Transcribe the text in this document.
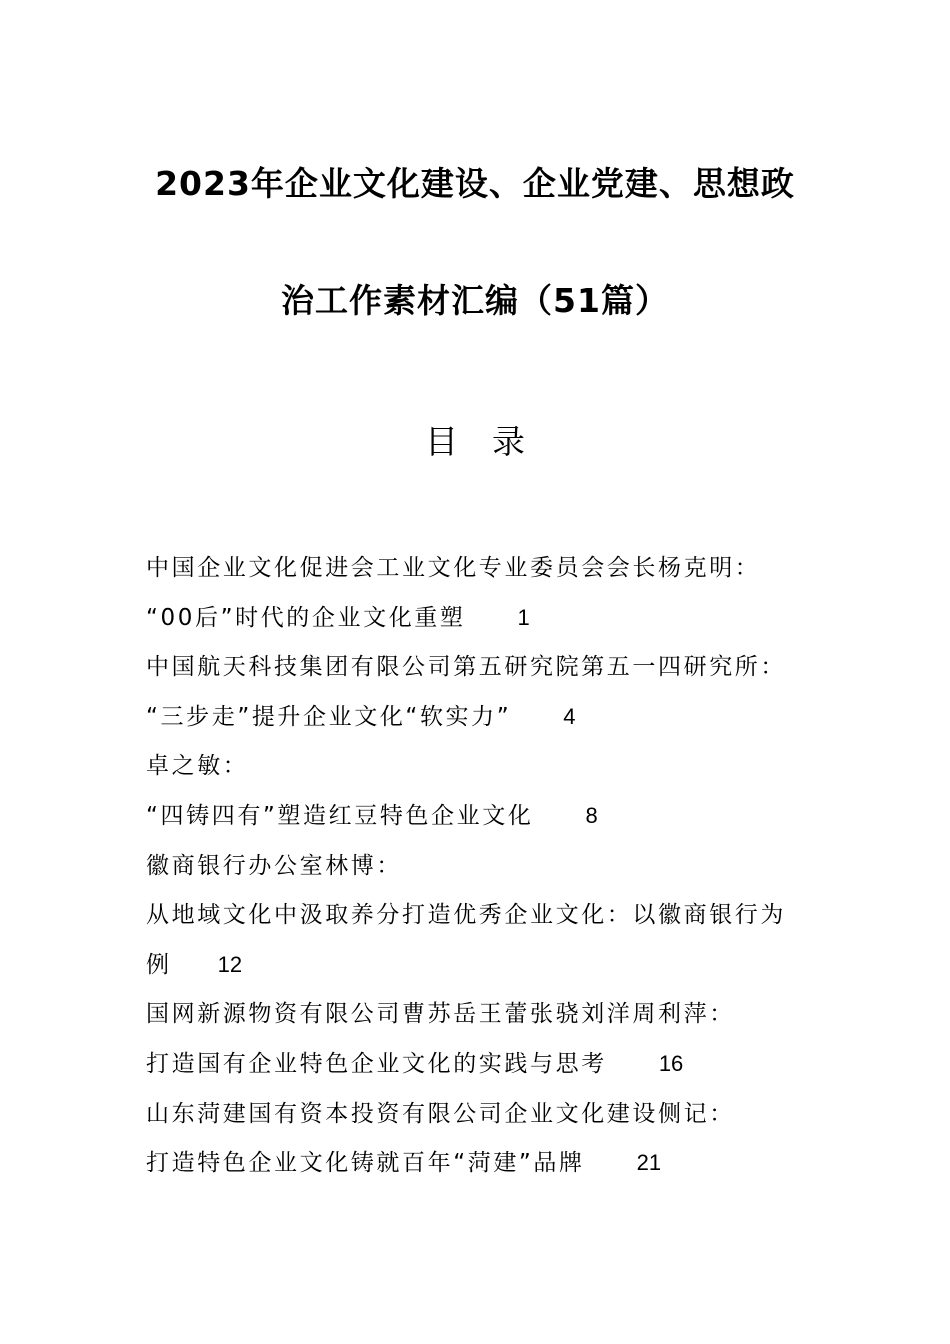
2023年企业文化建设、企业党建、思想政
治工作素材汇编（51篇）
目录
中国企业文化促进会工业文化专业委员会会长杨克明：
“00后”时代的企业文化重塑 1
中国航天科技集团有限公司第五研究院第五一四研究所：
“三步走”提升企业文化“软实力” 4
卓之敏：
“四铸四有”塑造红豆特色企业文化 8
徽商银行办公室林博：
从地域文化中汲取养分打造优秀企业文化：以徽商银行为
例 12
国网新源物资有限公司曹苏岳王蕾张骁刘洋周利萍：
打造国有企业特色企业文化的实践与思考 16
山东菏建国有资本投资有限公司企业文化建设侧记：
打造特色企业文化铸就百年“菏建”品牌 21
